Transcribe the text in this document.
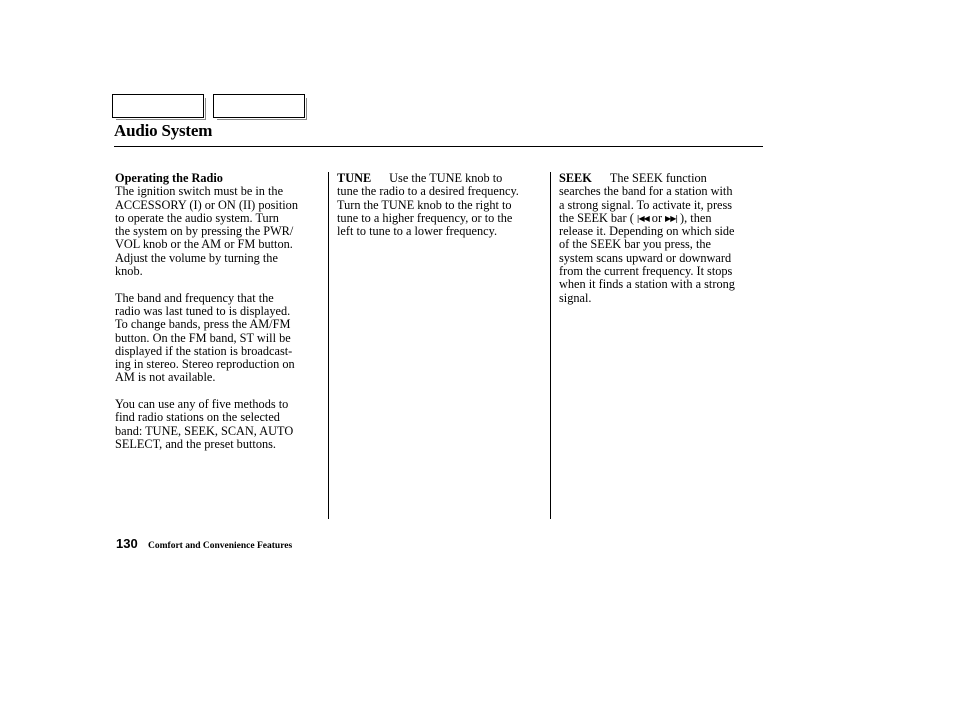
Audio System
Operating the Radio

The ignition switch must be in the
ACCESSORY (I) or ON (II) position
to operate the audio system. Turn
the system on by pressing the PWR/
VOL knob or the AM or FM button.
Adjust the volume by turning the
knob.

The band and frequency that the
radio was last tuned to is displayed.
To change bands, press the AM/FM
button. On the FM band, ST will be
displayed if the station is broadcast-
ing in stereo. Stereo reproduction on
AM is not available.

You can use any of five methods to
find radio stations on the selected
band: TUNE, SEEK, SCAN, AUTO
SELECT, and the preset buttons.

TUNE Use the TUNE knob to
tune the radio to a desired frequency.
Turn the TUNE knob to the right to
tune to a higher frequency, or to the
left to tune to a lower frequency.
SEEK The SEEK function
searches the band for a station with
a strong signal. To activate it, press
the SEEK bar ( |◀◀ or ▶▶| ), then
release it. Depending on which side
of the SEEK bar you press, the
system scans upward or downward
from the current frequency. It stops
when it finds a station with a strong
signal.
130 Comfort and Convenience Features
